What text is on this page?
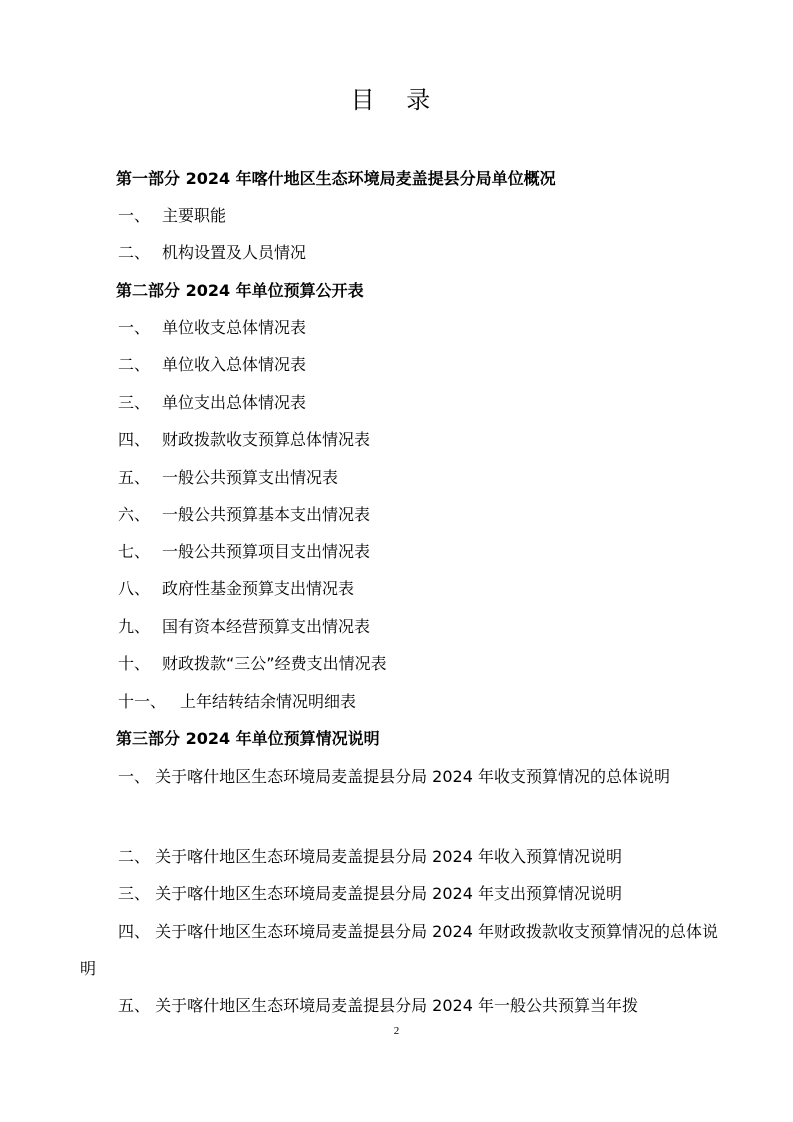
目 录
第一部分 2024 年喀什地区生态环境局麦盖提县分局单位概况
一、 主要职能
二、 机构设置及人员情况
第二部分 2024 年单位预算公开表
一、 单位收支总体情况表
二、 单位收入总体情况表
三、 单位支出总体情况表
四、 财政拨款收支预算总体情况表
五、 一般公共预算支出情况表
六、 一般公共预算基本支出情况表
七、 一般公共预算项目支出情况表
八、 政府性基金预算支出情况表
九、 国有资本经营预算支出情况表
十、 财政拨款“三公”经费支出情况表
十一、 上年结转结余情况明细表
第三部分 2024 年单位预算情况说明
一、 关于喀什地区生态环境局麦盖提县分局 2024 年收支预算情况的总体说明
二、 关于喀什地区生态环境局麦盖提县分局 2024 年收入预算情况说明
三、 关于喀什地区生态环境局麦盖提县分局 2024 年支出预算情况说明
四、 关于喀什地区生态环境局麦盖提县分局 2024 年财政拨款收支预算情况的总体说明
五、 关于喀什地区生态环境局麦盖提县分局 2024 年一般公共预算当年拨
2
